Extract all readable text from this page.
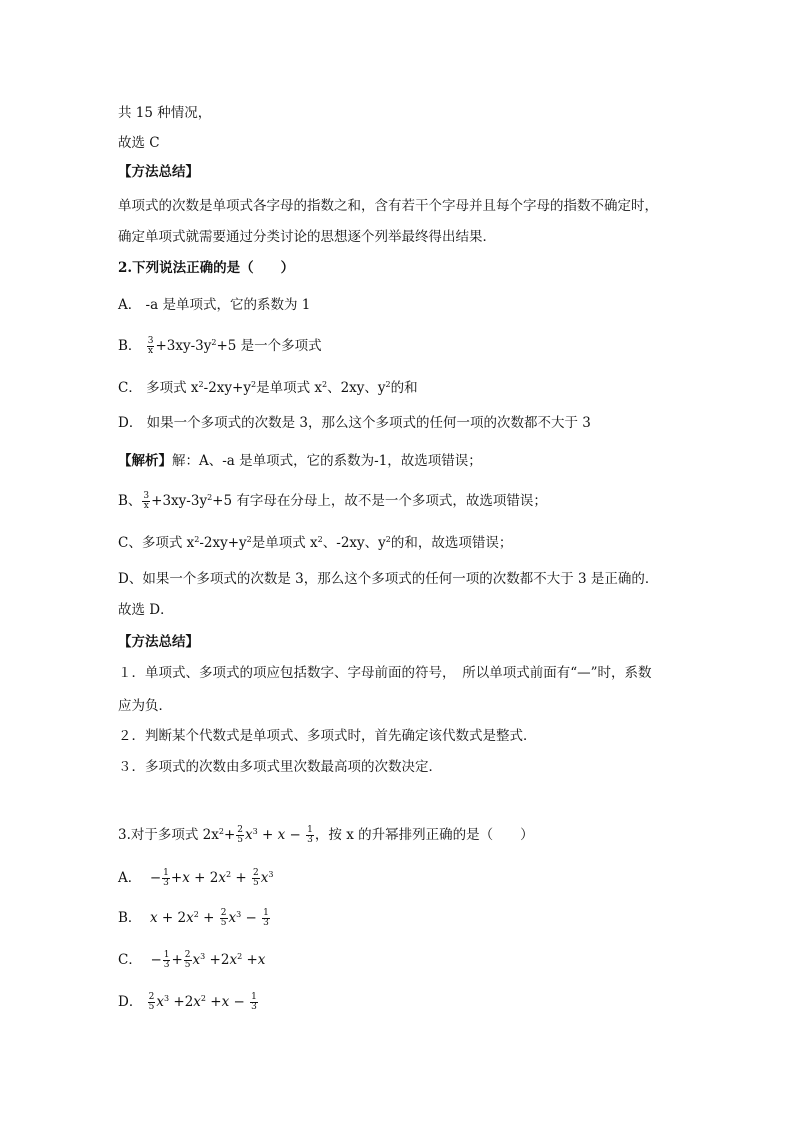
共 15 种情况，
故选 C
【方法总结】
单项式的次数是单项式各字母的指数之和，含有若干个字母并且每个字母的指数不确定时，
确定单项式就需要通过分类讨论的思想逐个列举最终得出结果．
2.下列说法正确的是（　　）
A． -a 是单项式，它的系数为 1
B． $\frac{3}{x} +3xy-3y^2+5$ 是一个多项式
C． 多项式 $x^2-2xy+y^2$是单项式 $x^2$、2xy、$y^2$的和
D． 如果一个多项式的次数是 3，那么这个多项式的任何一项的次数都不大于 3
【解析】解：A、-a 是单项式，它的系数为-1，故选项错误；
B、 $\frac{3}{x} +3xy-3y^2+5$ 有字母在分母上，故不是一个多项式，故选项错误；
C、多项式 $x^2-2xy+y^2$是单项式 $x^2$、-2xy、$y^2$的和，故选项错误；
D、如果一个多项式的次数是 3，那么这个多项式的任何一项的次数都不大于 3 是正确的．
故选 D．
【方法总结】
１．单项式、多项式的项应包括数字、字母前面的符号，　所以单项式前面有“—”时，系数
应为负．
２．判断某个代数式是单项式、多项式时，首先确定该代数式是整式．
３．多项式的次数由多项式里次数最高项的次数决定．
3.对于多项式 $2x^2+ \frac{2}{5} x^3 + x - \frac{1}{3}$ ，按 x 的升幂排列正确的是（　　）
A． − $\frac{1}{3} +x + 2x^2 + \frac{2}{5} x^3$
B． $x + 2x^2 + \frac{2}{5} x^3 - \frac{1}{3}$
C． − $\frac{1}{3} + \frac{2}{5} x^3 +2x^2 +x$
D． $\frac{2}{5} x^3 +2x^2 +x - \frac{1}{3}$
